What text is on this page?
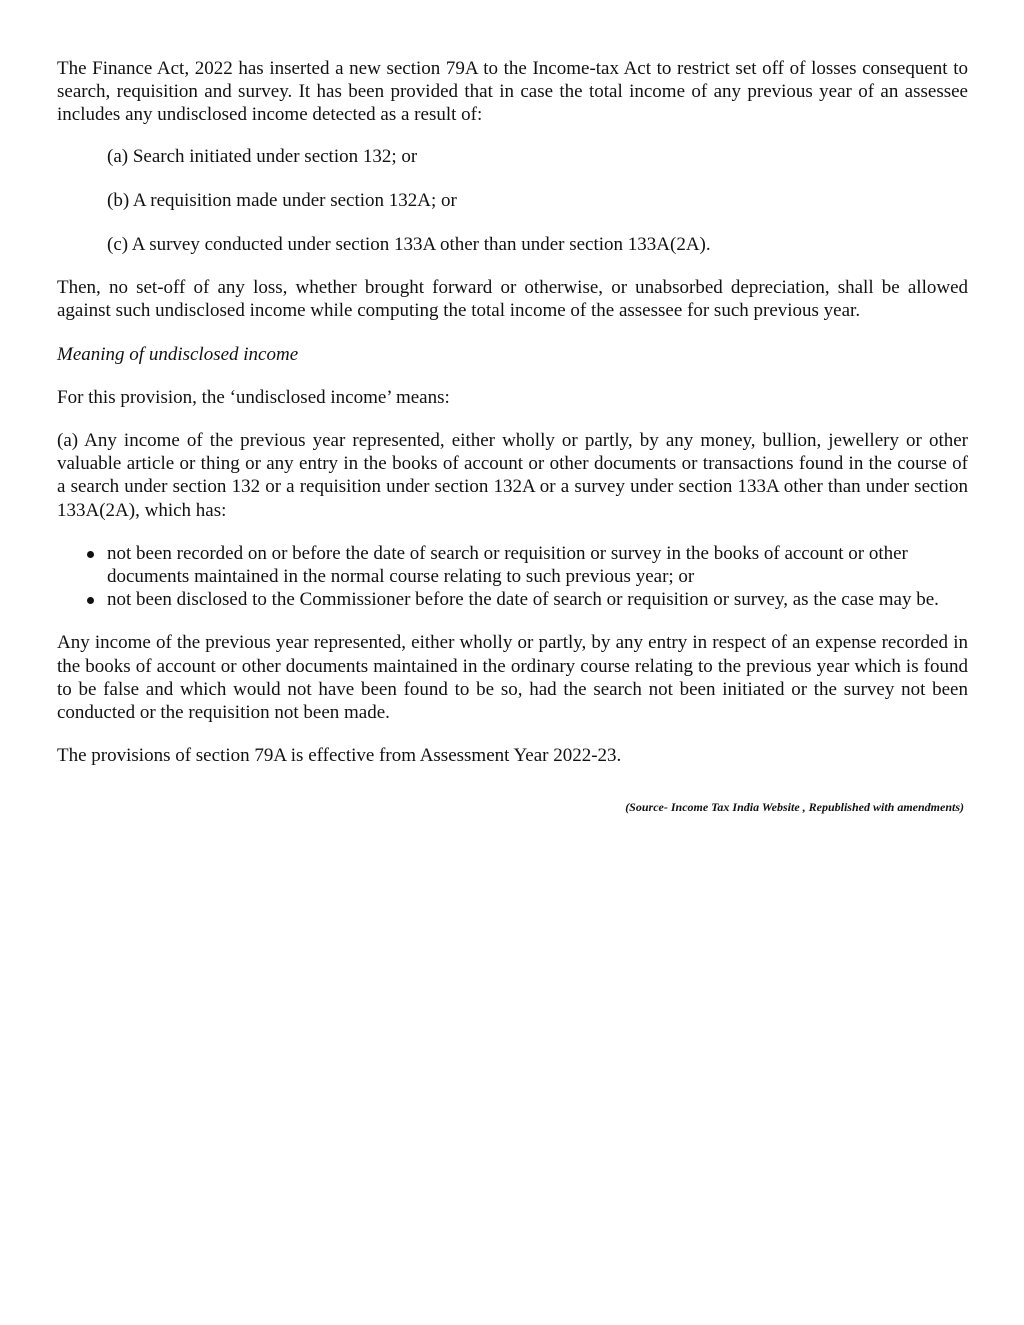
The Finance Act, 2022 has inserted a new section 79A to the Income-tax Act to restrict set off of losses consequent to search, requisition and survey. It has been provided that in case the total income of any previous year of an assessee includes any undisclosed income detected as a result of:

(a) Search initiated under section 132; or

(b) A requisition made under section 132A; or

(c) A survey conducted under section 133A other than under section 133A(2A).

Then, no set-off of any loss, whether brought forward or otherwise, or unabsorbed depreciation, shall be allowed against such undisclosed income while computing the total income of the assessee for such previous year.

Meaning of undisclosed income

For this provision, the ‘undisclosed income’ means:

(a) Any income of the previous year represented, either wholly or partly, by any money, bullion, jewellery or other valuable article or thing or any entry in the books of account or other documents or transactions found in the course of a search under section 132 or a requisition under section 132A or a survey under section 133A other than under section 133A(2A), which has:

not been recorded on or before the date of search or requisition or survey in the books of account or other documents maintained in the normal course relating to such previous year; or
not been disclosed to the Commissioner before the date of search or requisition or survey, as the case may be.

Any income of the previous year represented, either wholly or partly, by any entry in respect of an expense recorded in the books of account or other documents maintained in the ordinary course relating to the previous year which is found to be false and which would not have been found to be so, had the search not been initiated or the survey not been conducted or the requisition not been made.

The provisions of section 79A is effective from Assessment Year 2022-23.

(Source- Income Tax India Website , Republished with amendments)
